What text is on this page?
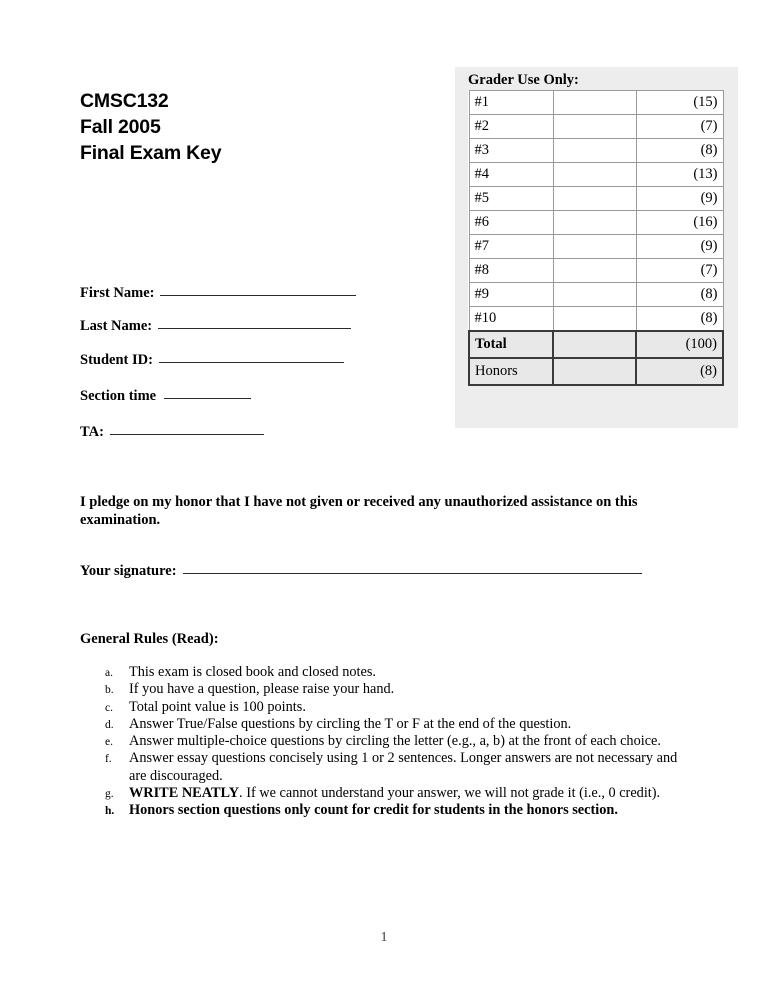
CMSC132
Fall 2005
Final Exam Key
Grader Use Only:
#1		(15)
#2		(7)
#3		(8)
#4		(13)
#5		(9)
#6		(16)
#7		(9)
#8		(7)
#9		(8)
#10		(8)
Total		(100)
Honors		(8)
First Name:
Last Name:
Student ID:
Section time
TA:
I pledge on my honor that I have not given or received any unauthorized assistance on this examination.
Your signature:
General Rules (Read):
a.	This exam is closed book and closed notes.
b.	If you have a question, please raise your hand.
c.	Total point value is 100 points.
d.	Answer True/False questions by circling the T or F at the end of the question.
e.	Answer multiple-choice questions by circling the letter (e.g., a, b) at the front of each choice.
f.	Answer essay questions concisely using 1 or 2 sentences. Longer answers are not necessary and are discouraged.
g.	WRITE NEATLY. If we cannot understand your answer, we will not grade it (i.e., 0 credit).
h.	Honors section questions only count for credit for students in the honors section.
1
